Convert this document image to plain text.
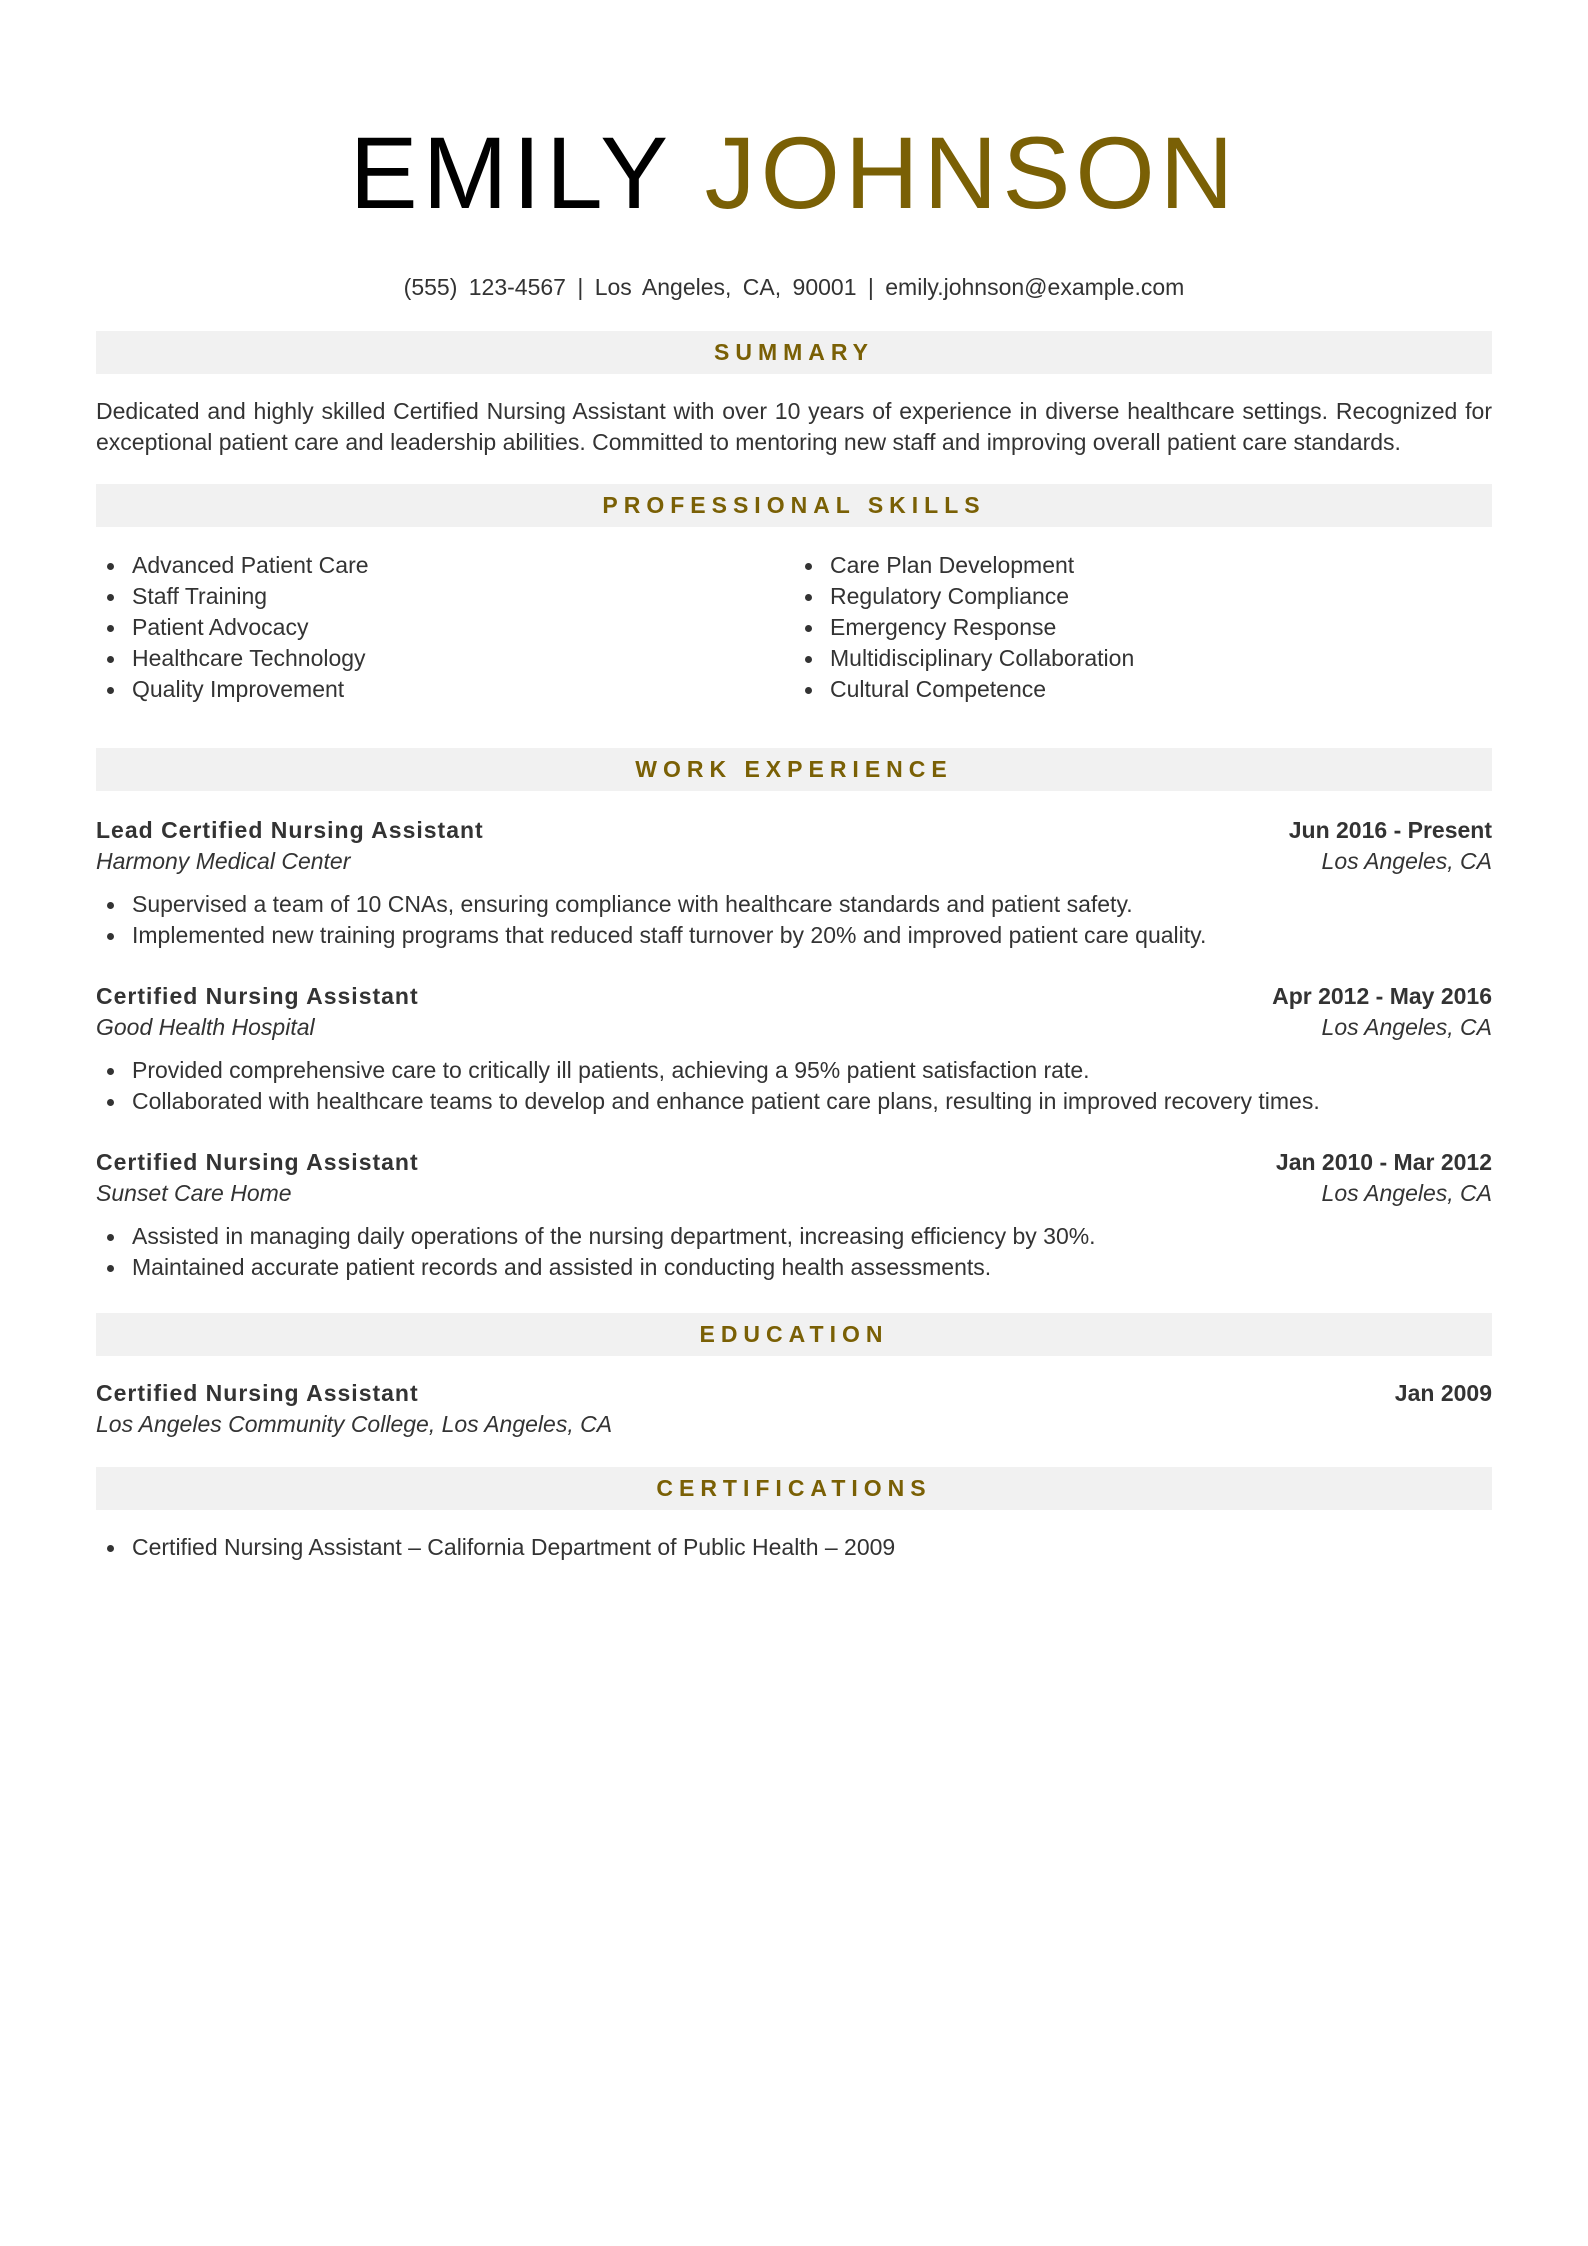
EMILY JOHNSON
(555) 123-4567 | Los Angeles, CA, 90001 | emily.johnson@example.com
SUMMARY

Dedicated and highly skilled Certified Nursing Assistant with over 10 years of experience in diverse healthcare settings. Recognized for exceptional patient care and leadership abilities. Committed to mentoring new staff and improving overall patient care standards.

PROFESSIONAL SKILLS
Advanced Patient Care
Staff Training
Patient Advocacy
Healthcare Technology
Quality Improvement
Care Plan Development
Regulatory Compliance
Emergency Response
Multidisciplinary Collaboration
Cultural Competence
WORK EXPERIENCE
Lead Certified Nursing Assistant	Jun 2016 - Present
Harmony Medical Center	Los Angeles, CA
Supervised a team of 10 CNAs, ensuring compliance with healthcare standards and patient safety.
Implemented new training programs that reduced staff turnover by 20% and improved patient care quality.
Certified Nursing Assistant	Apr 2012 - May 2016
Good Health Hospital	Los Angeles, CA
Provided comprehensive care to critically ill patients, achieving a 95% patient satisfaction rate.
Collaborated with healthcare teams to develop and enhance patient care plans, resulting in improved recovery times.
Certified Nursing Assistant	Jan 2010 - Mar 2012
Sunset Care Home	Los Angeles, CA
Assisted in managing daily operations of the nursing department, increasing efficiency by 30%.
Maintained accurate patient records and assisted in conducting health assessments.
EDUCATION
Certified Nursing Assistant	Jan 2009
Los Angeles Community College, Los Angeles, CA
CERTIFICATIONS
Certified Nursing Assistant – California Department of Public Health – 2009
